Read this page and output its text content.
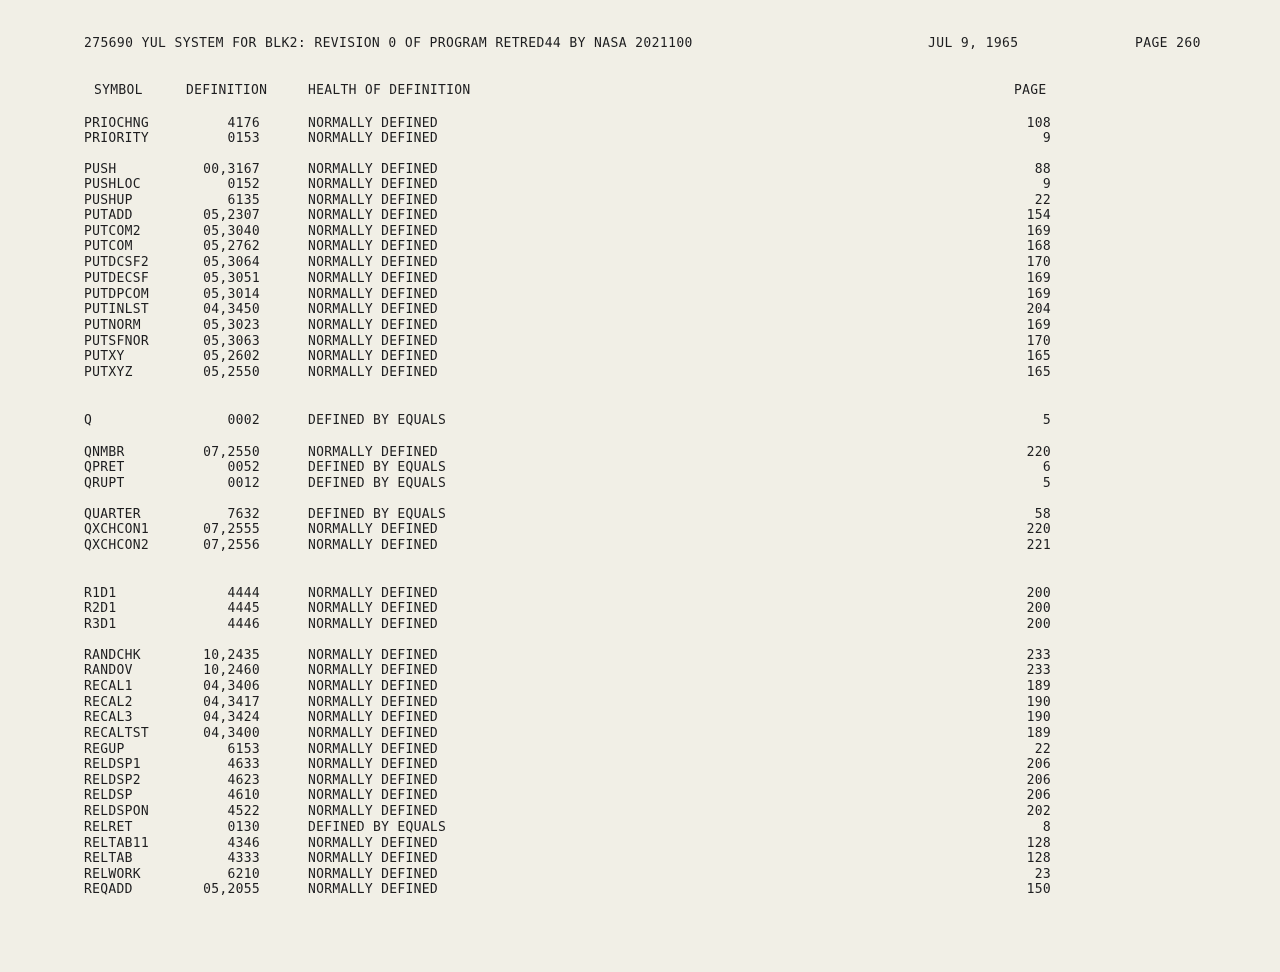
275690 YUL SYSTEM FOR BLK2: REVISION 0 OF PROGRAM RETRED44 BY NASA 2021100	JUL 9, 1965	PAGE 260
SYMBOL	DEFINITION	HEALTH OF DEFINITION	PAGE
PRIOCHNG	4176	NORMALLY DEFINED	108
PRIORITY	0153	NORMALLY DEFINED	9
PUSH	00,3167	NORMALLY DEFINED	88
PUSHLOC	0152	NORMALLY DEFINED	9
PUSHUP	6135	NORMALLY DEFINED	22
PUTADD	05,2307	NORMALLY DEFINED	154
PUTCOM2	05,3040	NORMALLY DEFINED	169
PUTCOM	05,2762	NORMALLY DEFINED	168
PUTDCSF2	05,3064	NORMALLY DEFINED	170
PUTDECSF	05,3051	NORMALLY DEFINED	169
PUTDPCOM	05,3014	NORMALLY DEFINED	169
PUTINLST	04,3450	NORMALLY DEFINED	204
PUTNORM	05,3023	NORMALLY DEFINED	169
PUTSFNOR	05,3063	NORMALLY DEFINED	170
PUTXY	05,2602	NORMALLY DEFINED	165
PUTXYZ	05,2550	NORMALLY DEFINED	165
Q	0002	DEFINED BY EQUALS	5
QNMBR	07,2550	NORMALLY DEFINED	220
QPRET	0052	DEFINED BY EQUALS	6
QRUPT	0012	DEFINED BY EQUALS	5
QUARTER	7632	DEFINED BY EQUALS	58
QXCHCON1	07,2555	NORMALLY DEFINED	220
QXCHCON2	07,2556	NORMALLY DEFINED	221
R1D1	4444	NORMALLY DEFINED	200
R2D1	4445	NORMALLY DEFINED	200
R3D1	4446	NORMALLY DEFINED	200
RANDCHK	10,2435	NORMALLY DEFINED	233
RANDOV	10,2460	NORMALLY DEFINED	233
RECAL1	04,3406	NORMALLY DEFINED	189
RECAL2	04,3417	NORMALLY DEFINED	190
RECAL3	04,3424	NORMALLY DEFINED	190
RECALTST	04,3400	NORMALLY DEFINED	189
REGUP	6153	NORMALLY DEFINED	22
RELDSP1	4633	NORMALLY DEFINED	206
RELDSP2	4623	NORMALLY DEFINED	206
RELDSP	4610	NORMALLY DEFINED	206
RELDSPON	4522	NORMALLY DEFINED	202
RELRET	0130	DEFINED BY EQUALS	8
RELTAB11	4346	NORMALLY DEFINED	128
RELTAB	4333	NORMALLY DEFINED	128
RELWORK	6210	NORMALLY DEFINED	23
REQADD	05,2055	NORMALLY DEFINED	150
